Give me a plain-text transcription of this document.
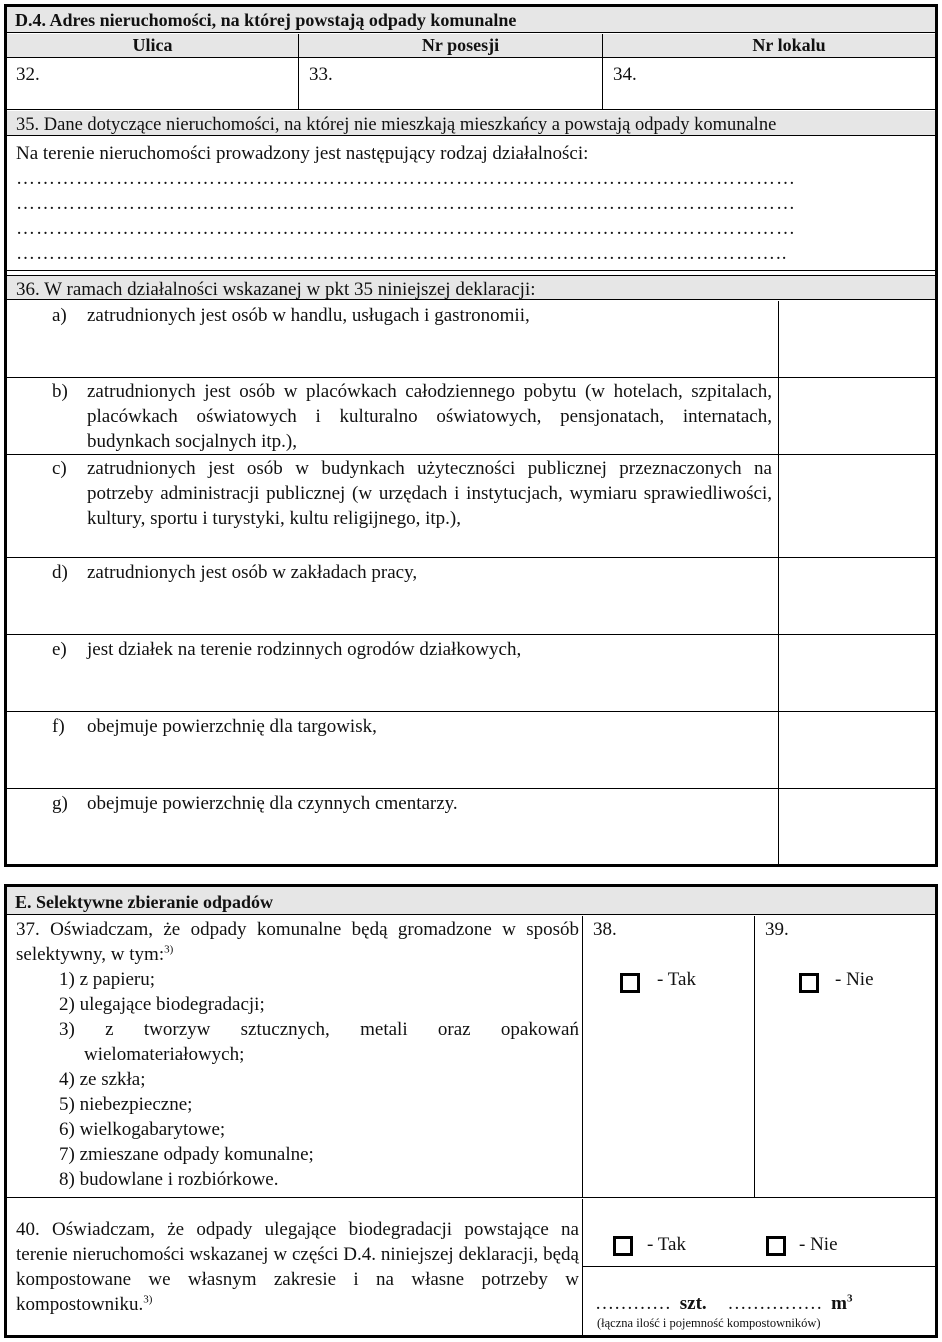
D.4. Adres nieruchomości, na której powstają odpady komunalne
Ulica	Nr posesji	Nr lokalu
32.	33.	34.
35. Dane dotyczące nieruchomości, na której nie mieszkają mieszkańcy a powstają odpady komunalne
Na terenie nieruchomości prowadzony jest następujący rodzaj działalności:
………………………………………………………………………………………………………
………………………………………………………………………………………………………
………………………………………………………………………………………………………
……………………………………………………………………………………………………..
36. W ramach działalności wskazanej w pkt 35 niniejszej deklaracji:
a) zatrudnionych jest osób w handlu, usługach i gastronomii,
b) zatrudnionych jest osób w placówkach całodziennego pobytu (w hotelach, szpitalach, placówkach oświatowych i kulturalno oświatowych, pensjonatach, internatach, budynkach socjalnych itp.),
c) zatrudnionych jest osób w budynkach użyteczności publicznej przeznaczonych na potrzeby administracji publicznej (w urzędach i instytucjach, wymiaru sprawiedliwości, kultury, sportu i turystyki, kultu religijnego, itp.),
d) zatrudnionych jest osób w zakładach pracy,
e) jest działek na terenie rodzinnych ogrodów działkowych,
f) obejmuje powierzchnię dla targowisk,
g) obejmuje powierzchnię dla czynnych cmentarzy.
E. Selektywne zbieranie odpadów
37. Oświadczam, że odpady komunalne będą gromadzone w sposób selektywny, w tym:$^{3)}$
1) z papieru;
2) ulegające biodegradacji;
3) z tworzyw sztucznych, metali oraz opakowań wielomateriałowych;
4) ze szkła;
5) niebezpieczne;
6) wielkogabarytowe;
7) zmieszane odpady komunalne;
8) budowlane i rozbiórkowe.
38.
- Tak
39.
- Nie
40. Oświadczam, że odpady ulegające biodegradacji powstające na terenie nieruchomości wskazanej w części D.4. niniejszej deklaracji, będą kompostowane we własnym zakresie i na własne potrzeby w kompostowniku.$^{3)}$
- Tak	- Nie
………… szt. …………… $m^3$
(łączna ilość i pojemność kompostowników)
